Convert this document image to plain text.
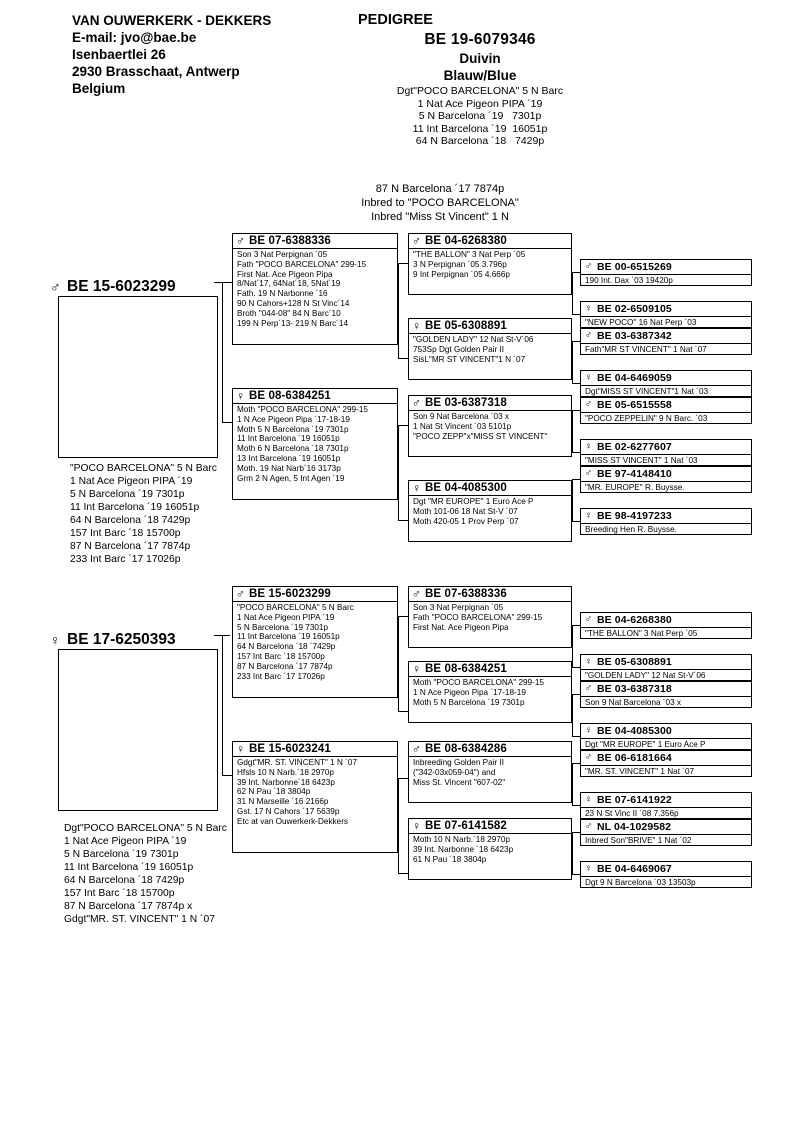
VAN OUWERKERK - DEKKERS
E-mail: jvo@bae.be
Isenbaertlei 26
2930 Brasschaat, Antwerp
Belgium
PEDIGREE
BE 19-6079346
Duivin
Blauw/Blue
Dgt"POCO BARCELONA" 5 N Barc
1 Nat Ace Pigeon PIPA ´19
5 N Barcelona ´19   7301p
11 Int Barcelona ´19  16051p
64 N Barcelona ´18   7429p
87 N Barcelona ´17 7874p
Inbred to "POCO BARCELONA"
Inbred "Miss St Vincent" 1 N
♂ BE 15-6023299
"POCO BARCELONA" 5 N Barc
1 Nat Ace Pigeon PIPA ´19
5 N Barcelona ´19 7301p
11 Int Barcelona ´19 16051p
64 N Barcelona ´18 7429p
157 Int Barc ´18 15700p
87 N Barcelona ´17 7874p
233 Int Barc ´17 17026p
♀ BE 17-6250393
Dgt"POCO BARCELONA" 5 N Barc
1 Nat Ace Pigeon PIPA ´19
5 N Barcelona ´19 7301p
11 Int Barcelona ´19 16051p
64 N Barcelona ´18 7429p
157 Int Barc ´18 15700p
87 N Barcelona ´17 7874p x
Gdgt"MR. ST. VINCENT" 1 N ´07
♂ BE 07-6388336
Son 3 Nat Perpignan ´05
Fath "POCO BARCELONA" 299-15
First Nat. Ace Pigeon Pipa
8/Nat´17, 64Nat´18, 5Nat´19
Fath. 19 N Narbonne ´16
90 N Cahors+128 N St Vinc´14
Broth "044-08" 84 N Barc´10
199 N Perp´13- 219 N Barc´14
♀ BE 08-6384251
Moth "POCO BARCELONA" 299-15
1 N Ace Pigeon Pipa ´17-18-19
Moth 5 N Barcelona ´19 7301p
11 Int Barcelona ´19 16051p
Moth 6 N Barcelona ´18 7301p
13 Int Barcelona ´19 16051p
Moth. 19 Nat Narb´16 3173p
Grm 2 N Agen, 5 Int Agen ´19
♂ BE 15-6023299
"POCO BARCELONA" 5 N Barc
1 Nat Ace Pigeon PIPA ´19
5 N Barcelona ´19 7301p
11 Int Barcelona ´19 16051p
64 N Barcelona ´18 ´7429p
157 Int Barc ´18 15700p
87 N Barcelona ´17 7874p
233 Int Barc ´17 17026p
♀ BE 15-6023241
Gdgt"MR. ST. VINCENT" 1 N ´07
Hfsls 10 N Narb.´18 2970p
39 Int. Narbonne´18 6423p
62 N Pau ´18 3804p
31 N Marseille ´16 2166p
Gst. 17 N Cahors ´17 5639p
Etc at van Ouwerkerk-Dekkers
♂ BE 04-6268380
"THE BALLON" 3 Nat Perp ´05
3 N Perpignan ´05 3.796p
9 Int Perpignan ´05 4.666p
♀ BE 05-6308891
"GOLDEN LADY" 12 Nat St-V´06
753Sp Dgt Golden Pair II
SisL"MR ST VINCENT"1 N ´07
♂ BE 03-6387318
Son 9 Nat Barcelona ´03 x
1 Nat St Vincent ´03 5101p
"POCO ZEPP"x"MISS ST VINCENT"
♀ BE 04-4085300
Dgt "MR EUROPE" 1 Euro Ace P
Moth 101-06 18 Nat St-V ´07
Moth 420-05 1 Prov Perp ´07
♂ BE 07-6388336
Son 3 Nat Perpignan ´05
Fath "POCO BARCELONA" 299-15
First Nat. Ace Pigeon Pipa
♀ BE 08-6384251
Moth "POCO BARCELONA" 299-15
1 N Ace Pigeon Pipa ´17-18-19
Moth 5 N Barcelona ´19 7301p
♂ BE 08-6384286
Inbreeding Golden Pair II
("342-03x059-04") and
Miss St. Vincent "607-02"
♀ BE 07-6141582
Moth 10 N Narb.´18 2970p
39 Int. Narbonne ´18 6423p
61 N Pau ´18 3804p
♂ BE 00-6515269
190 Int. Dax ´03 19420p
♀ BE 02-6509105
"NEW POCO" 16 Nat Perp ´03
♂ BE 03-6387342
Fath"MR ST VINCENT" 1 Nat ´07
♀ BE 04-6469059
Dgt"MISS ST VINCENT"1 Nat ´03
♂ BE 05-6515558
"POCO ZEPPELIN" 9 N Barc. ´03
♀ BE 02-6277607
"MISS ST VINCENT" 1 Nat ´03
♂ BE 97-4148410
"MR. EUROPE" R. Buysse.
♀ BE 98-4197233
Breeding Hen R. Buysse.
♂ BE 04-6268380
"THE BALLON" 3 Nat Perp ´05
♀ BE 05-6308891
"GOLDEN LADY" 12 Nat St-V´06
♂ BE 03-6387318
Son 9 Nat Barcelona ´03 x
♀ BE 04-4085300
Dgt "MR EUROPE" 1 Euro Ace P
♂ BE 06-6181664
"MR. ST. VINCENT" 1 Nat ´07
♀ BE 07-6141922
23 N St Vinc II ´08 7.356p
♂ NL 04-1029582
Inbred Son"BRIVE" 1 Nat ´02
♀ BE 04-6469067
Dgt 9 N Barcelona ´03 13503p
